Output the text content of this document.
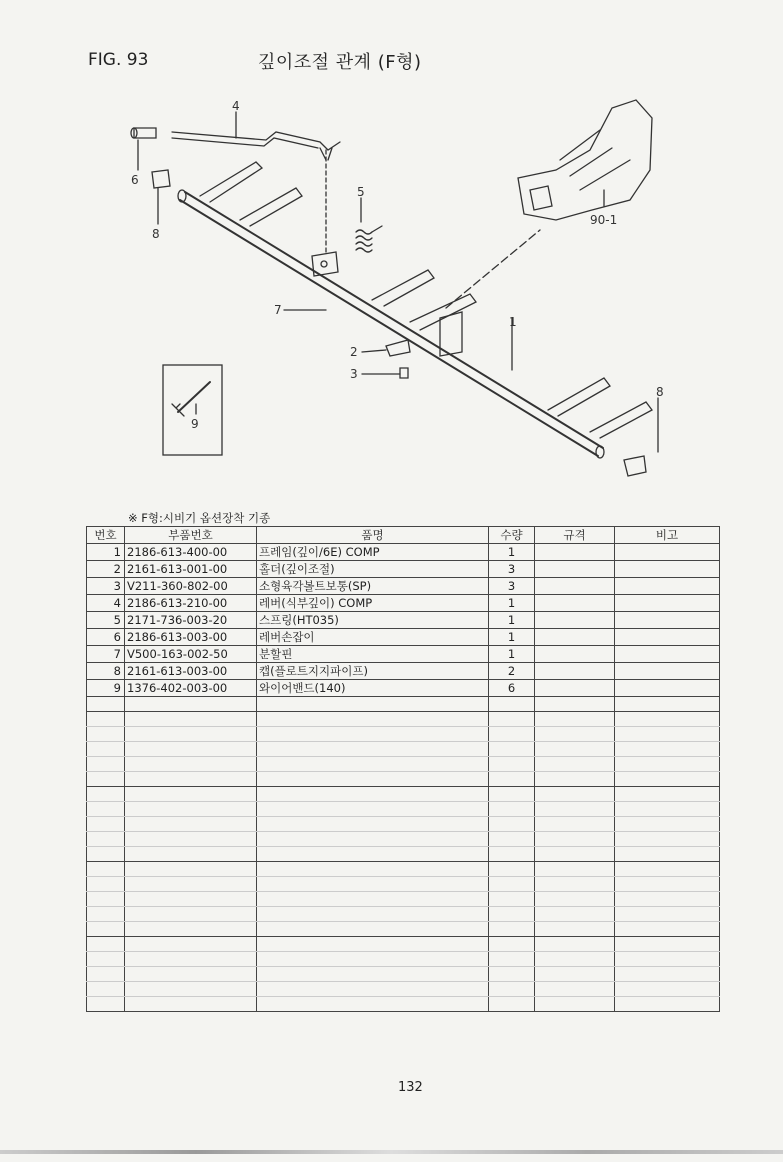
FIG. 93	깊이조절 관계 (F형)
4
6
8
5
7
2
3
1
8
9
90-1
※ F형:시비기 옵션장착 기종
번호	부품번호	품명	수량	규격	비고
1	2186-613-400-00	프레임(깊이/6E) COMP	1		
2	2161-613-001-00	홀더(깊이조절)	3		
3	V211-360-802-00	소형육각볼트보통(SP)	3		
4	2186-613-210-00	레버(식부깊이) COMP	1		
5	2171-736-003-20	스프링(HT035)	1		
6	2186-613-003-00	레버손잡이	1		
7	V500-163-002-50	분할핀	1		
8	2161-613-003-00	캡(플로트지지파이프)	2		
9	1376-402-003-00	와이어밴드(140)	6		

132
